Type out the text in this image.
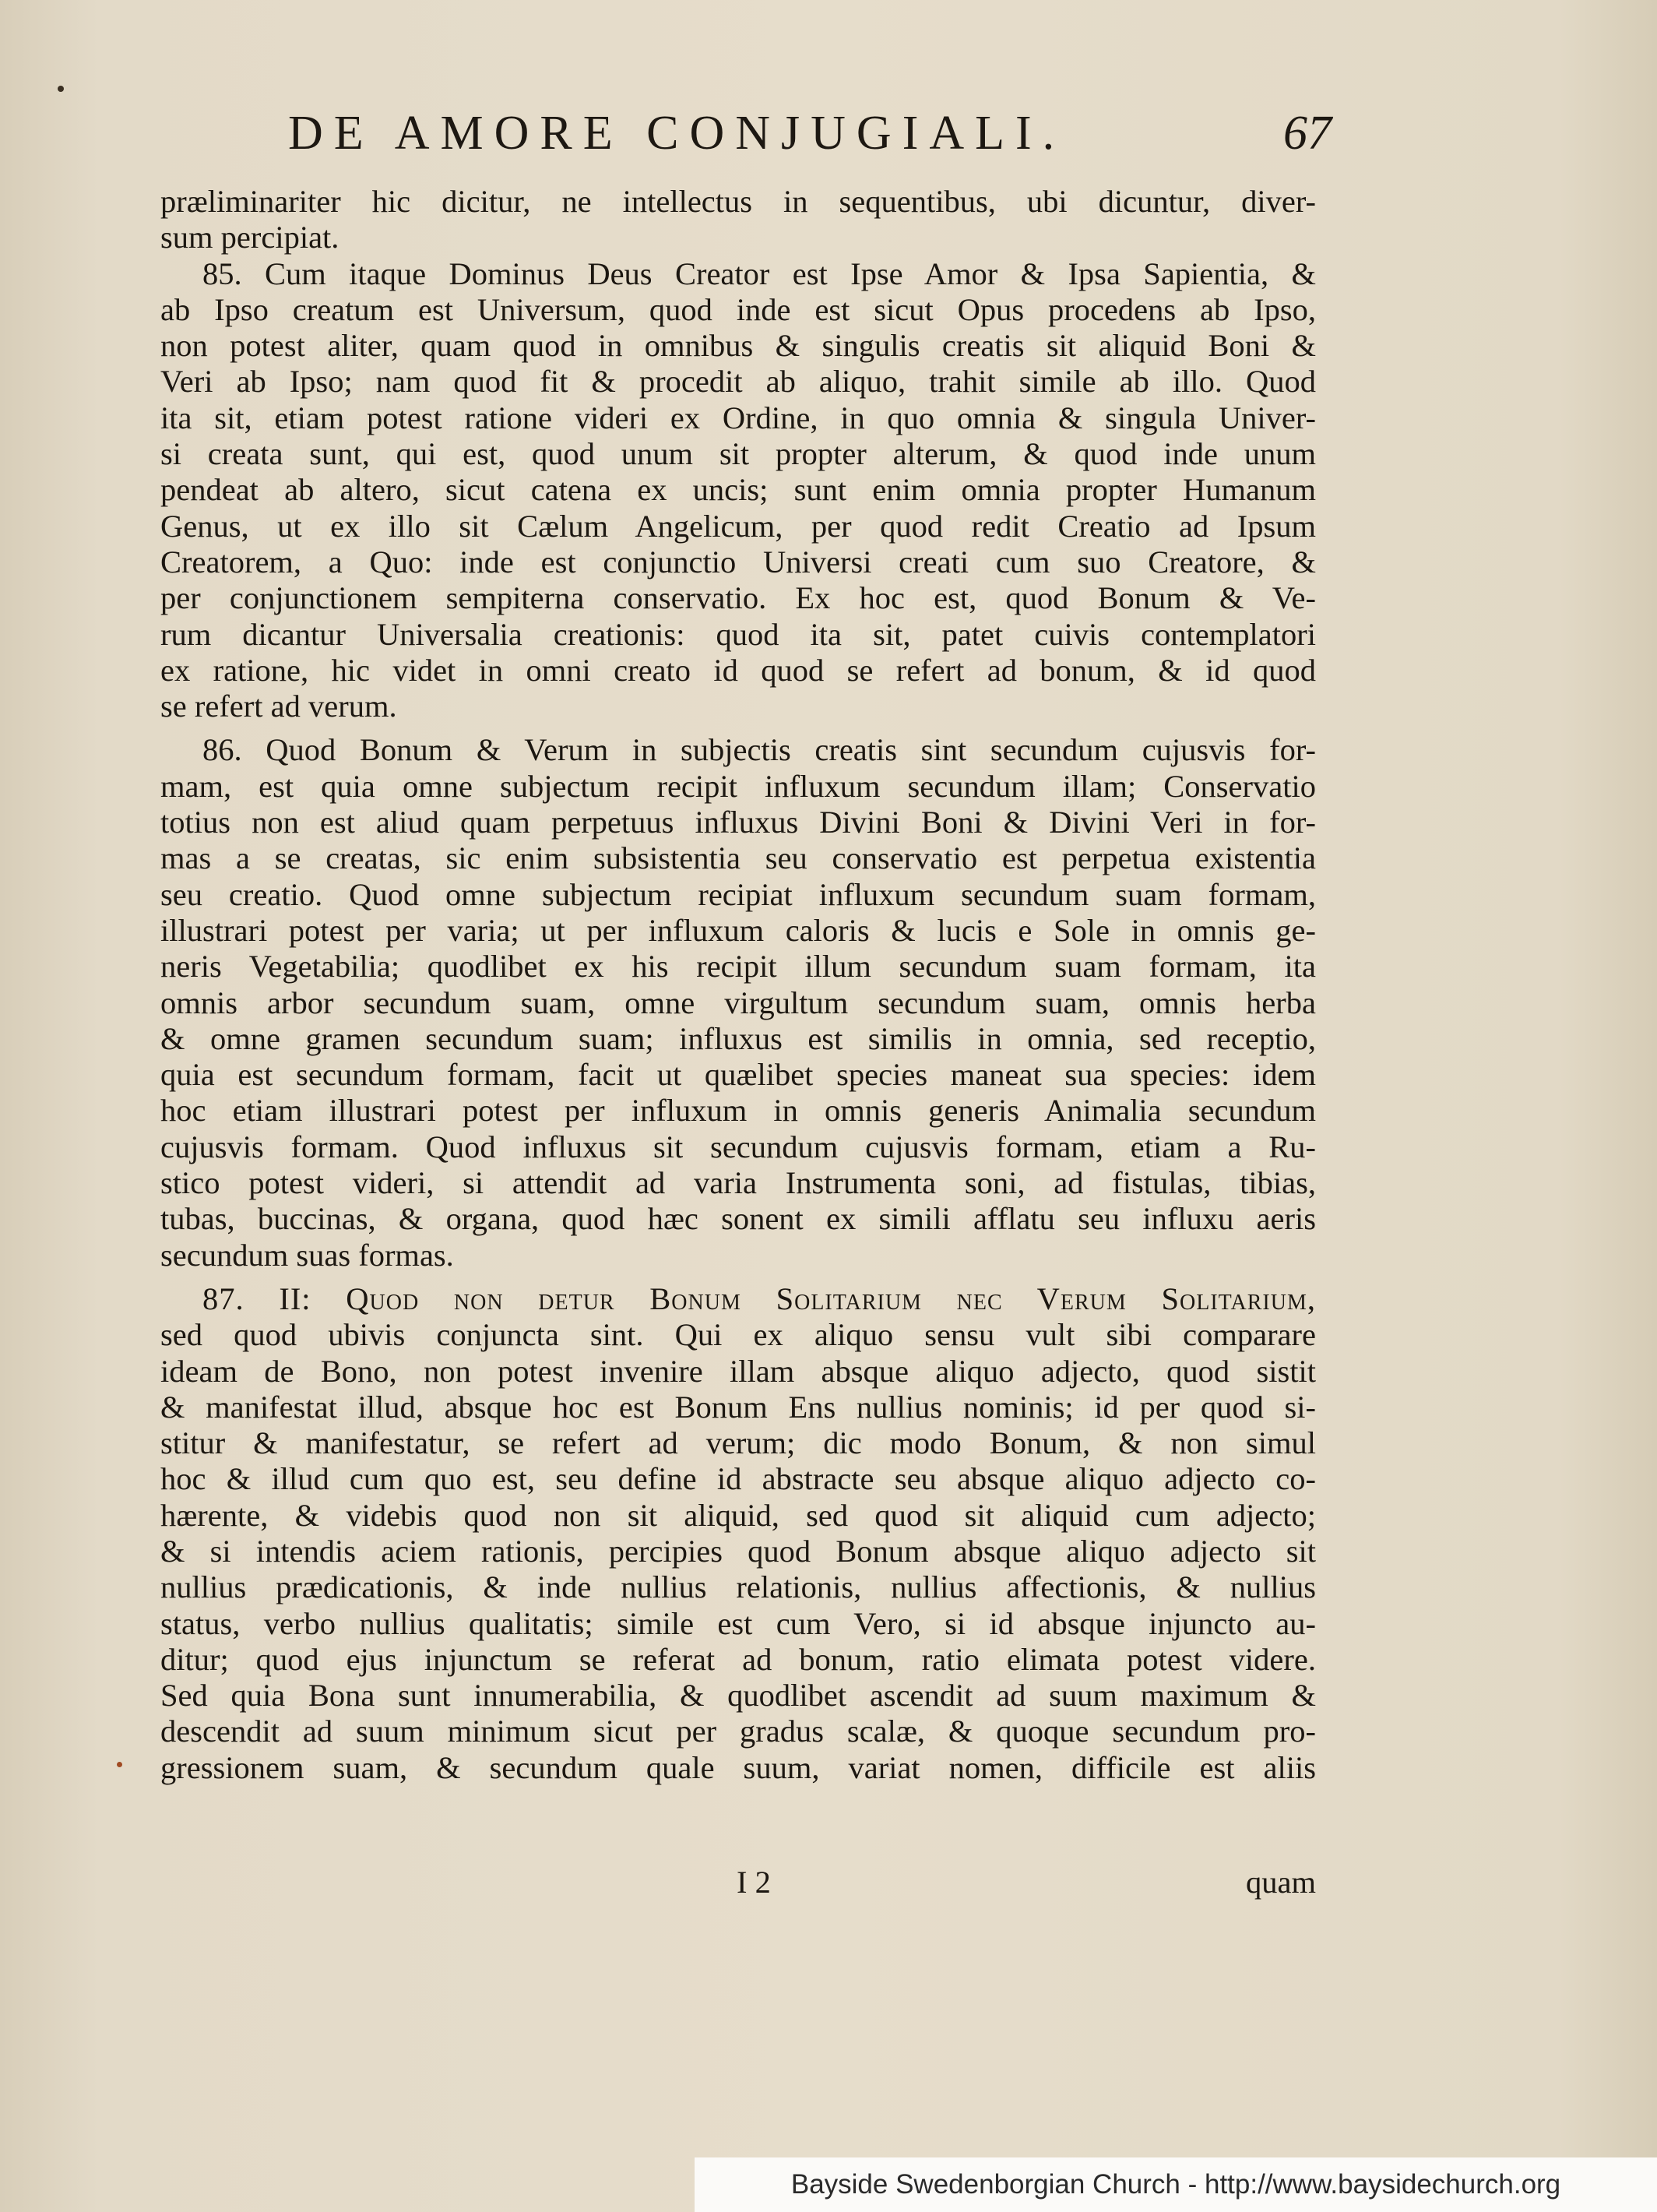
DE AMORE CONJUGIALI.	67
præliminariter hic dicitur, ne intellectus in sequentibus, ubi dicuntur, diver-
sum percipiat.
85. Cum itaque Dominus Deus Creator est Ipse Amor & Ipsa Sapientia, &
ab Ipso creatum est Universum, quod inde est sicut Opus procedens ab Ipso,
non potest aliter, quam quod in omnibus & singulis creatis sit aliquid Boni &
Veri ab Ipso; nam quod fit & procedit ab aliquo, trahit simile ab illo. Quod
ita sit, etiam potest ratione videri ex Ordine, in quo omnia & singula Univer-
si creata sunt, qui est, quod unum sit propter alterum, & quod inde unum
pendeat ab altero, sicut catena ex uncis; sunt enim omnia propter Humanum
Genus, ut ex illo sit Cælum Angelicum, per quod redit Creatio ad Ipsum
Creatorem, a Quo: inde est conjunctio Universi creati cum suo Creatore, &
per conjunctionem sempiterna conservatio. Ex hoc est, quod Bonum & Ve-
rum dicantur Universalia creationis: quod ita sit, patet cuivis contemplatori
ex ratione, hic videt in omni creato id quod se refert ad bonum, & id quod
se refert ad verum.
86. Quod Bonum & Verum in subjectis creatis sint secundum cujusvis for-
mam, est quia omne subjectum recipit influxum secundum illam; Conservatio
totius non est aliud quam perpetuus influxus Divini Boni & Divini Veri in for-
mas a se creatas, sic enim subsistentia seu conservatio est perpetua existentia
seu creatio. Quod omne subjectum recipiat influxum secundum suam formam,
illustrari potest per varia; ut per influxum caloris & lucis e Sole in omnis ge-
neris Vegetabilia; quodlibet ex his recipit illum secundum suam formam, ita
omnis arbor secundum suam, omne virgultum secundum suam, omnis herba
& omne gramen secundum suam; influxus est similis in omnia, sed receptio,
quia est secundum formam, facit ut quælibet species maneat sua species: idem
hoc etiam illustrari potest per influxum in omnis generis Animalia secundum
cujusvis formam. Quod influxus sit secundum cujusvis formam, etiam a Ru-
stico potest videri, si attendit ad varia Instrumenta soni, ad fistulas, tibias,
tubas, buccinas, & organa, quod hæc sonent ex simili afflatu seu influxu aeris
secundum suas formas.
87. II: Quod non detur Bonum Solitarium nec Verum Solitarium,
sed quod ubivis conjuncta sint. Qui ex aliquo sensu vult sibi comparare
ideam de Bono, non potest invenire illam absque aliquo adjecto, quod sistit
& manifestat illud, absque hoc est Bonum Ens nullius nominis; id per quod si-
stitur & manifestatur, se refert ad verum; dic modo Bonum, & non simul
hoc & illud cum quo est, seu define id abstracte seu absque aliquo adjecto co-
hærente, & videbis quod non sit aliquid, sed quod sit aliquid cum adjecto;
& si intendis aciem rationis, percipies quod Bonum absque aliquo adjecto sit
nullius prædicationis, & inde nullius relationis, nullius affectionis, & nullius
status, verbo nullius qualitatis; simile est cum Vero, si id absque injuncto au-
ditur; quod ejus injunctum se referat ad bonum, ratio elimata potest videre.
Sed quia Bona sunt innumerabilia, & quodlibet ascendit ad suum maximum &
descendit ad suum minimum sicut per gradus scalæ, & quoque secundum pro-
gressionem suam, & secundum quale suum, variat nomen, difficile est aliis
I 2	quam
Bayside Swedenborgian Church - http://www.baysidechurch.org
